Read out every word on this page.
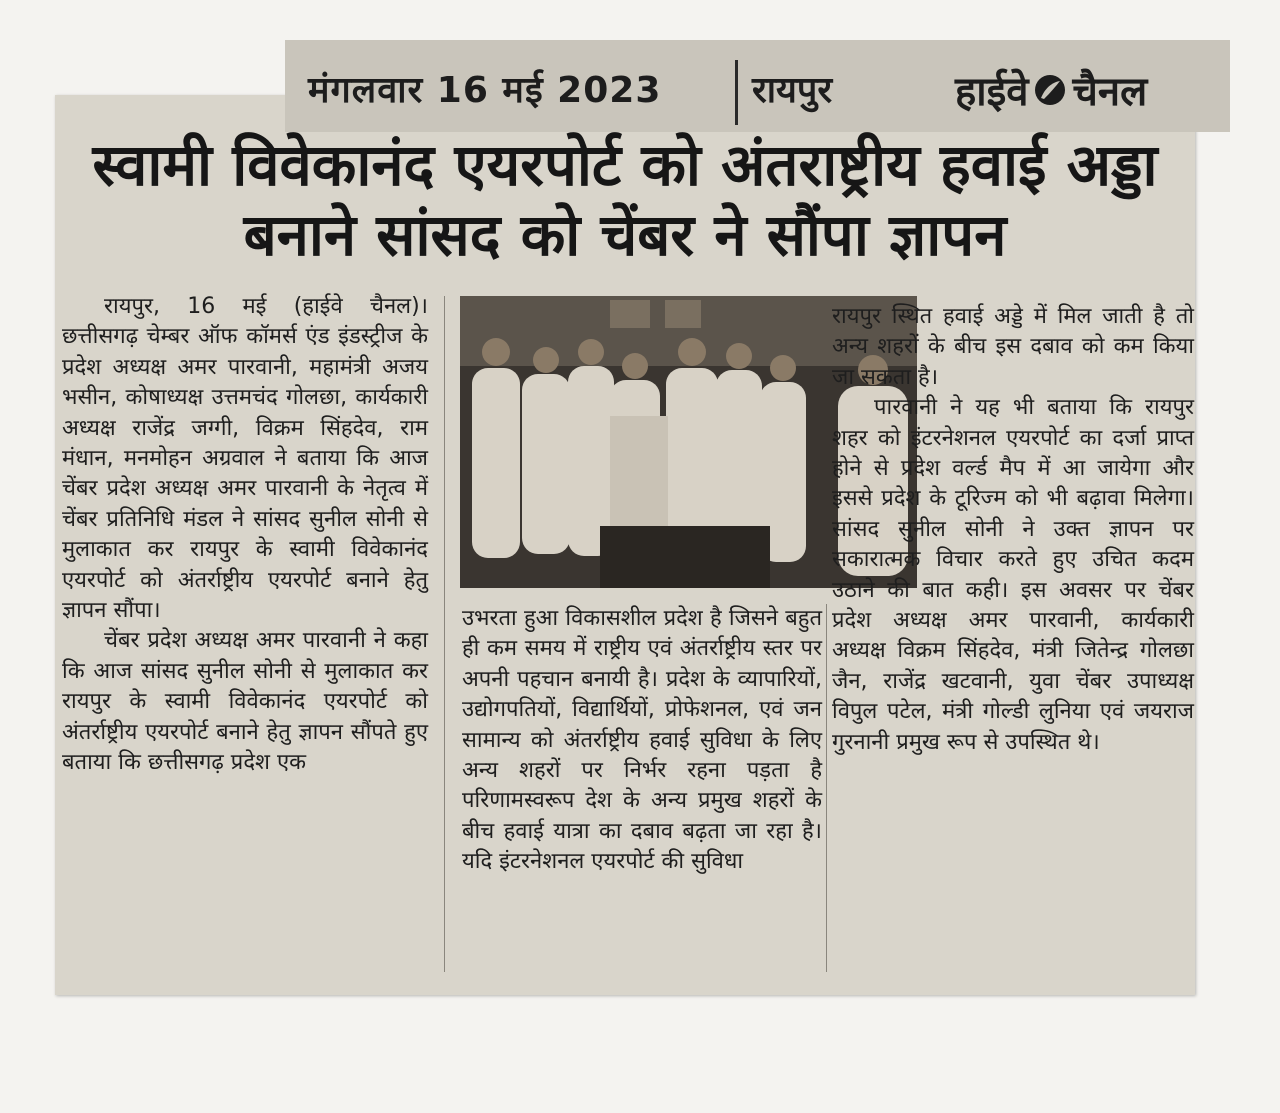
मंगलवार 16 मई 2023	रायपुर	हाईवे चैनल
स्वामी विवेकानंद एयरपोर्ट को अंतराष्ट्रीय हवाई अड्डा बनाने सांसद को चेंबर ने सौंपा ज्ञापन

रायपुर, 16 मई (हाईवे चैनल)। छत्तीसगढ़ चेम्बर ऑफ कॉमर्स एंड इंडस्ट्रीज के प्रदेश अध्यक्ष अमर पारवानी, महामंत्री अजय भसीन, कोषाध्यक्ष उत्तमचंद गोलछा, कार्यकारी अध्यक्ष राजेंद्र जग्गी, विक्रम सिंहदेव, राम मंधान, मनमोहन अग्रवाल ने बताया कि आज चेंबर प्रदेश अध्यक्ष अमर पारवानी के नेतृत्व में चेंबर प्रतिनिधि मंडल ने सांसद सुनील सोनी से मुलाकात कर रायपुर के स्वामी विवेकानंद एयरपोर्ट को अंतर्राष्ट्रीय एयरपोर्ट बनाने हेतु ज्ञापन सौंपा।

चेंबर प्रदेश अध्यक्ष अमर पारवानी ने कहा कि आज सांसद सुनील सोनी से मुलाकात कर रायपुर के स्वामी विवेकानंद एयरपोर्ट को अंतर्राष्ट्रीय एयरपोर्ट बनाने हेतु ज्ञापन सौंपते हुए बताया कि छत्तीसगढ़ प्रदेश एक

उभरता हुआ विकासशील प्रदेश है जिसने बहुत ही कम समय में राष्ट्रीय एवं अंतर्राष्ट्रीय स्तर पर अपनी पहचान बनायी है। प्रदेश के व्यापारियों, उद्योगपतियों, विद्यार्थियों, प्रोफेशनल, एवं जन सामान्य को अंतर्राष्ट्रीय हवाई सुविधा के लिए अन्य शहरों पर निर्भर रहना पड़ता है परिणामस्वरूप देश के अन्य प्रमुख शहरों के बीच हवाई यात्रा का दबाव बढ़ता जा रहा है। यदि इंटरनेशनल एयरपोर्ट की सुविधा

रायपुर स्थित हवाई अड्डे में मिल जाती है तो अन्य शहरों के बीच इस दबाव को कम किया जा सकता है।

पारवानी ने यह भी बताया कि रायपुर शहर को इंटरनेशनल एयरपोर्ट का दर्जा प्राप्त होने से प्रदेश वर्ल्ड मैप में आ जायेगा और इससे प्रदेश के टूरिज्म को भी बढ़ावा मिलेगा। सांसद सुनील सोनी ने उक्त ज्ञापन पर सकारात्मक विचार करते हुए उचित कदम उठाने की बात कही। इस अवसर पर चेंबर प्रदेश अध्यक्ष अमर पारवानी, कार्यकारी अध्यक्ष विक्रम सिंहदेव, मंत्री जितेन्द्र गोलछा जैन, राजेंद्र खटवानी, युवा चेंबर उपाध्यक्ष विपुल पटेल, मंत्री गोल्डी लुनिया एवं जयराज गुरनानी प्रमुख रूप से उपस्थित थे।
